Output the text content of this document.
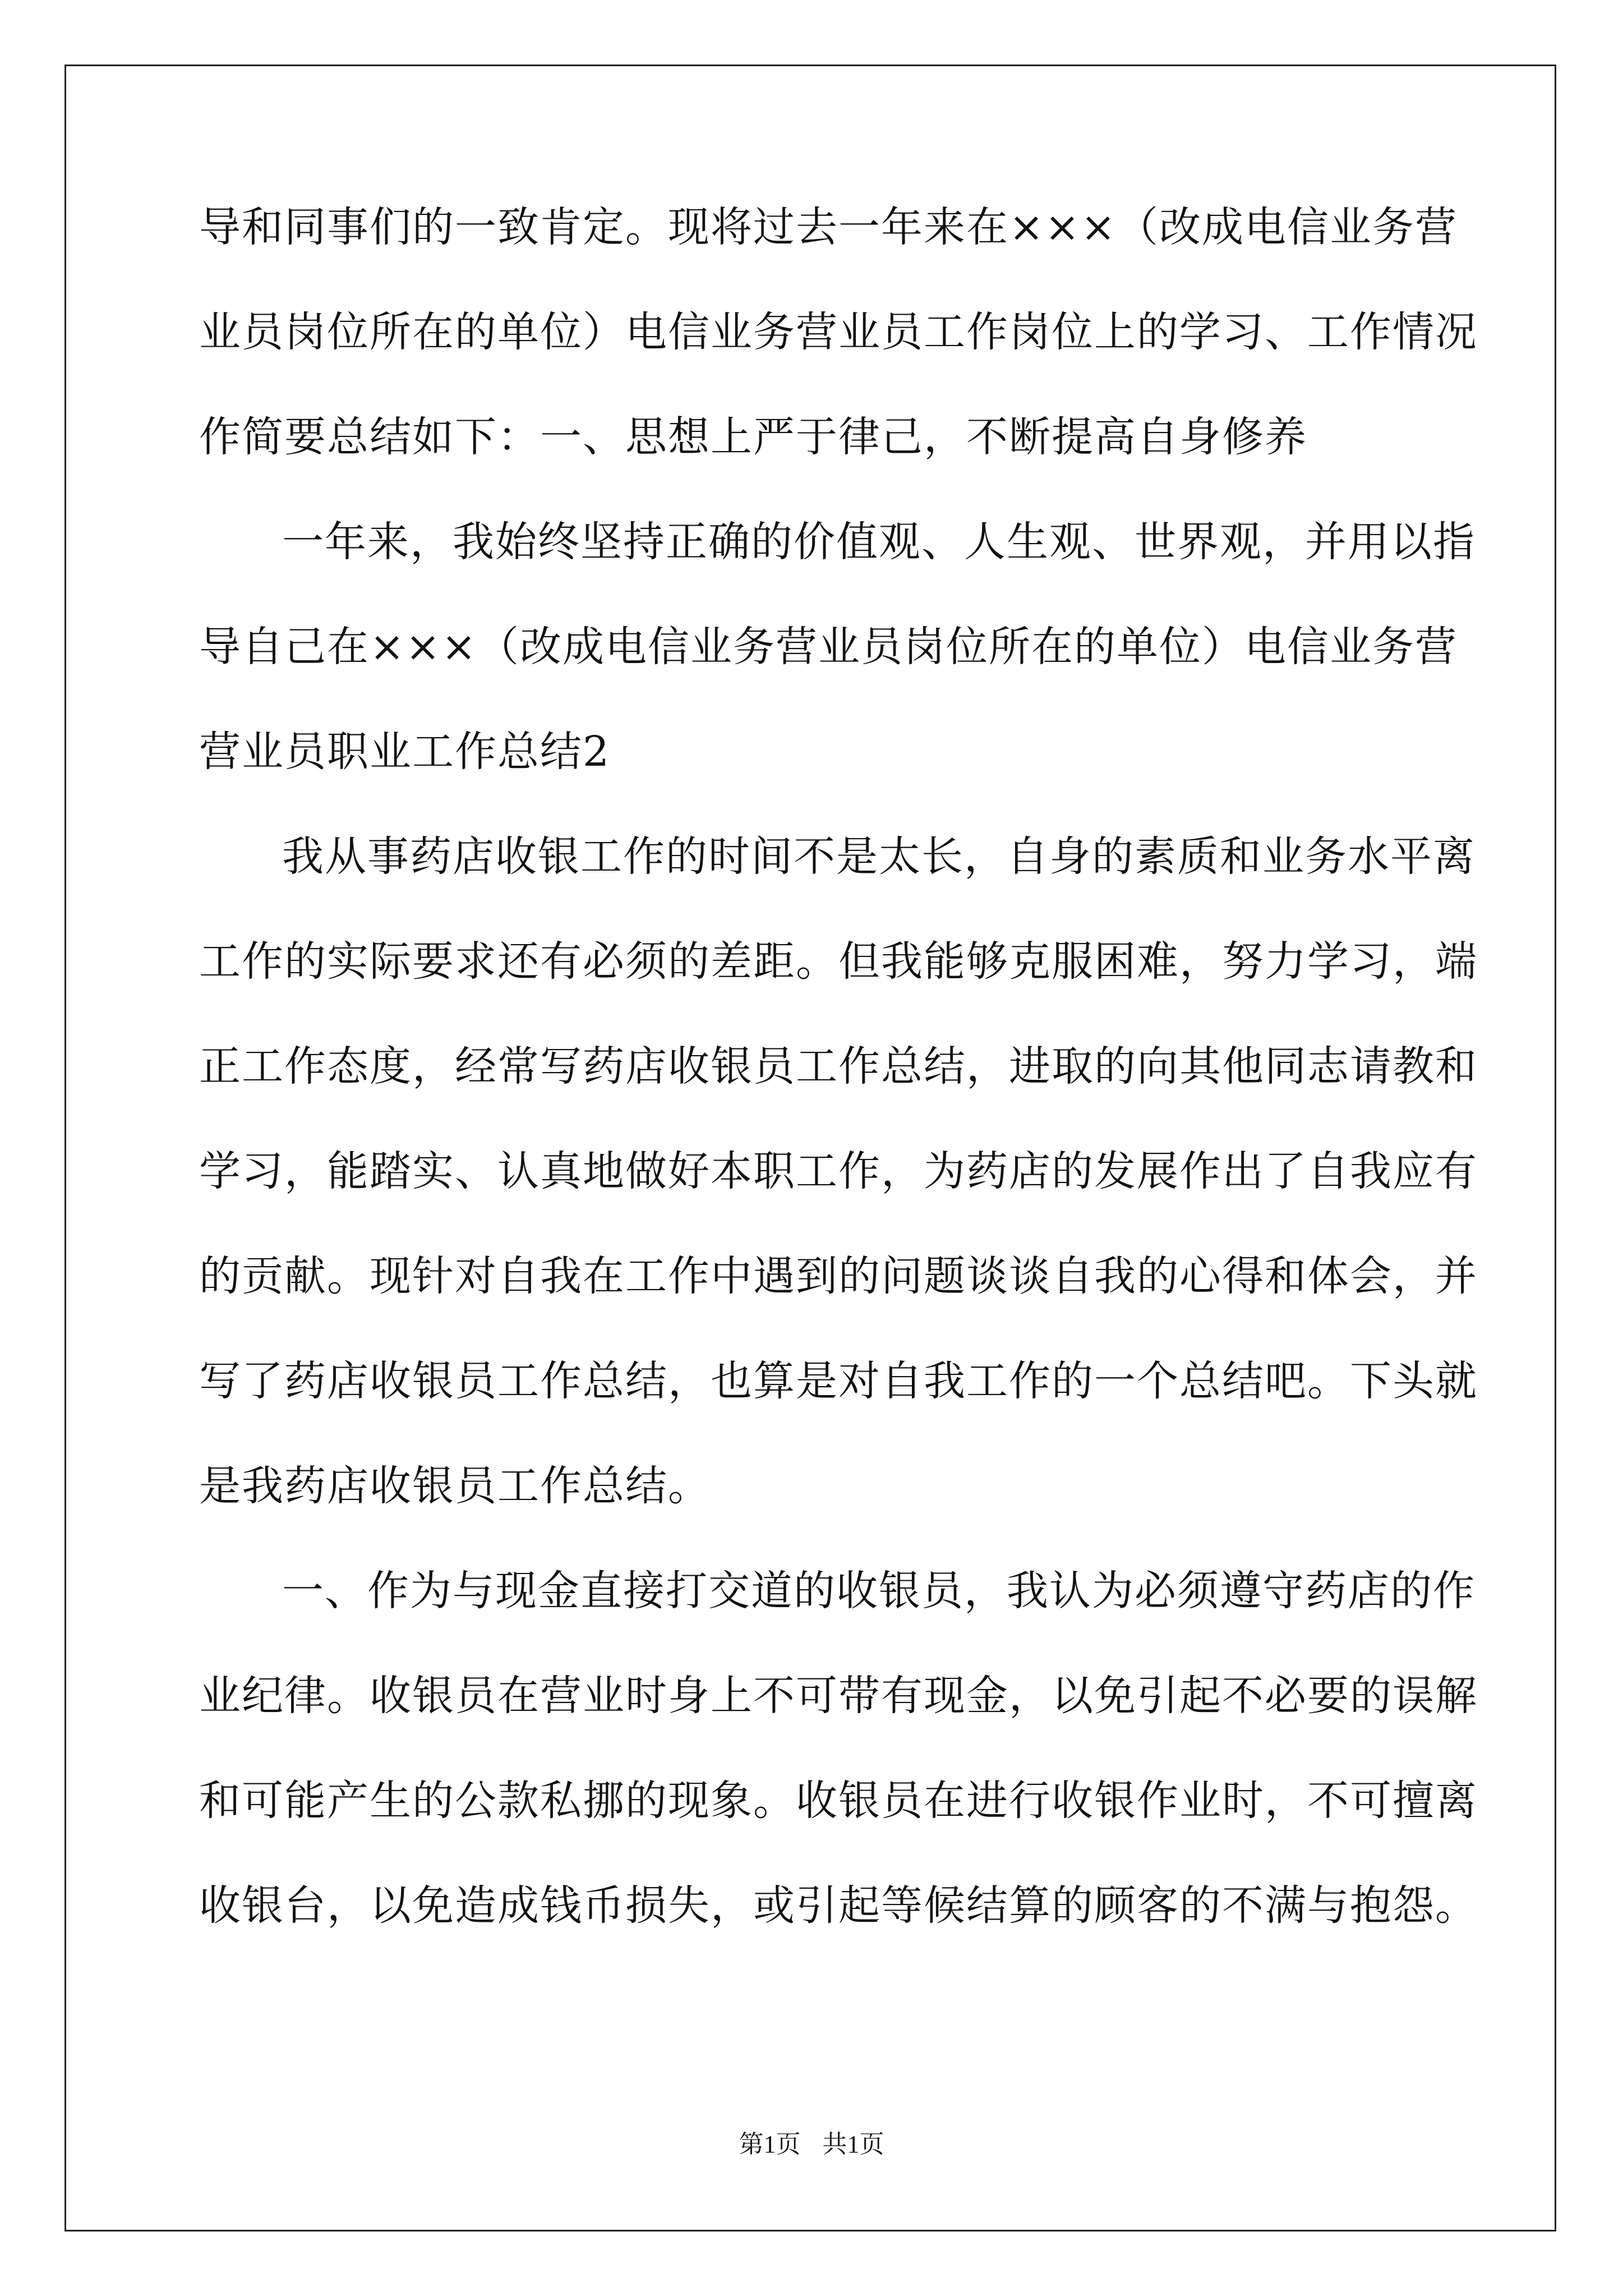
导和同事们的一致肯定。现将过去一年来在×××（改成电信业务营
业员岗位所在的单位）电信业务营业员工作岗位上的学习、工作情况
作简要总结如下：一、思想上严于律己，不断提高自身修养
一年来，我始终坚持正确的价值观、人生观、世界观，并用以指
导自己在×××（改成电信业务营业员岗位所在的单位）电信业务营
营业员职业工作总结2
我从事药店收银工作的时间不是太长，自身的素质和业务水平离
工作的实际要求还有必须的差距。但我能够克服困难，努力学习，端
正工作态度，经常写药店收银员工作总结，进取的向其他同志请教和
学习，能踏实、认真地做好本职工作，为药店的发展作出了自我应有
的贡献。现针对自我在工作中遇到的问题谈谈自我的心得和体会，并
写了药店收银员工作总结，也算是对自我工作的一个总结吧。下头就
是我药店收银员工作总结。
一、作为与现金直接打交道的收银员，我认为必须遵守药店的作
业纪律。收银员在营业时身上不可带有现金，以免引起不必要的误解
和可能产生的公款私挪的现象。收银员在进行收银作业时，不可擅离
收银台，以免造成钱币损失，或引起等候结算的顾客的不满与抱怨。
第1页 共1页
